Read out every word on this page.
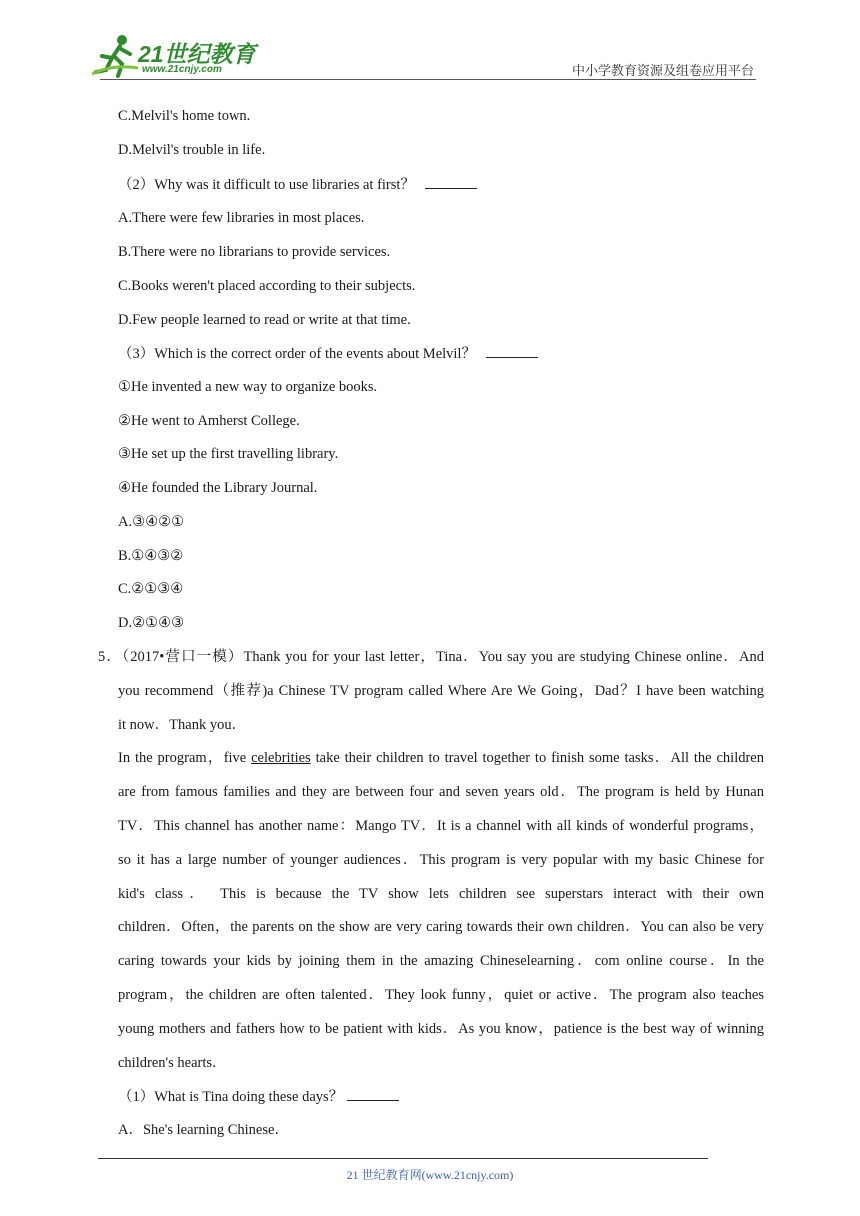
21世纪教育
www.21cnjy.com	中小学教育资源及组卷应用平台
C.Melvil's home town.
D.Melvil's trouble in life.
（2）Why was it difficult to use libraries at first？
A.There were few libraries in most places.
B.There were no librarians to provide services.
C.Books weren't placed according to their subjects.
D.Few people learned to read or write at that time.
（3）Which is the correct order of the events about Melvil？
①He invented a new way to organize books.
②He went to Amherst College.
③He set up the first travelling library.
④He founded the Library Journal.
A.③④②①
B.①④③②
C.②①③④
D.②①④③
5．（2017•营口一模）Thank you for your last letter，Tina．You say you are studying Chinese online．And
you recommend（推荐)a Chinese TV program called Where Are We Going，Dad？I have been watching
it now．Thank you．
In the program，five celebrities take their children to travel together to finish some tasks．All the children
are from famous families and they are between four and seven years old．The program is held by Hunan
TV．This channel has another name：Mango TV．It is a channel with all kinds of wonderful programs，
so it has a large number of younger audiences．This program is very popular with my basic Chinese for
kid's class． This is because the TV show lets children see superstars interact with their own
children．Often，the parents on the show are very caring towards their own children．You can also be very
caring towards your kids by joining them in the amazing Chineselearning．com online course．In the
program，the children are often talented．They look funny，quiet or active．The program also teaches
young mothers and fathers how to be patient with kids．As you know，patience is the best way of winning
children's hearts．
（1）What is Tina doing these days？
A．She's learning Chinese．
21 世纪教育网(www.21cnjy.com)
